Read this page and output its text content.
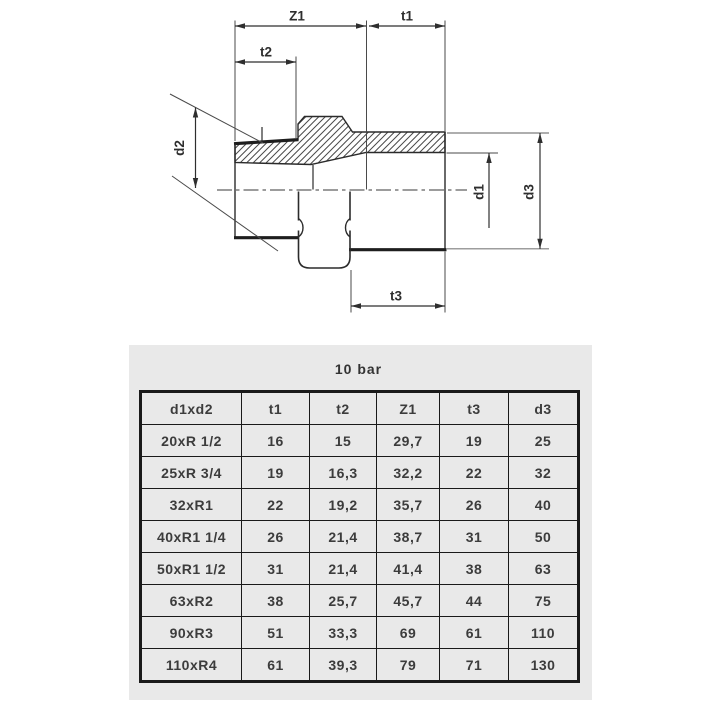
Z1	t1
t2
t3
d2
d1	d3
10 bar
d1xd2	t1	t2	Z1	t3	d3
20xR 1/2	16	15	29,7	19	25
25xR 3/4	19	16,3	32,2	22	32
32xR1	22	19,2	35,7	26	40
40xR1 1/4	26	21,4	38,7	31	50
50xR1 1/2	31	21,4	41,4	38	63
63xR2	38	25,7	45,7	44	75
90xR3	51	33,3	69	61	110
110xR4	61	39,3	79	71	130
